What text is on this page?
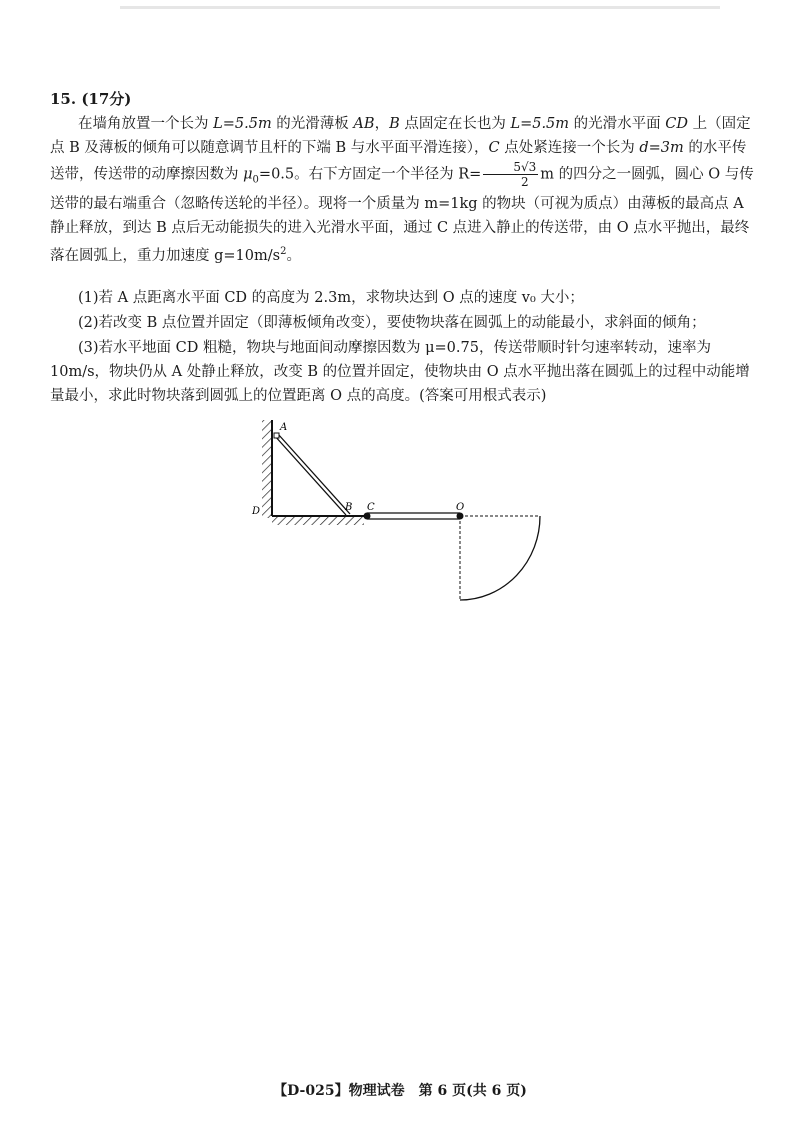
15. (17分)
在墙角放置一个长为 L=5.5m 的光滑薄板 AB，B 点固定在长也为 L=5.5m 的光滑水平面 CD 上（固定点 B 及薄板的倾角可以随意调节且杆的下端 B 与水平面平滑连接），C 点处紧连接一个长为 d=3m 的水平传送带，传送带的动摩擦因数为 $\mu_0=0.5$。右下方固定一个半径为 $R= \frac{5√3}{2}$ m 的四分之一圆弧，圆心 O 与传送带的最右端重合（忽略传送轮的半径）。现将一个质量为 m=1kg 的物块（可视为质点）由薄板的最高点 A 静止释放，到达 B 点后无动能损失的进入光滑水平面，通过 C 点进入静止的传送带，由 O 点水平抛出，最终落在圆弧上，重力加速度 $g=10m/s^2$。
(1)若 A 点距离水平面 CD 的高度为 2.3m，求物块达到 O 点的速度 v₀ 大小；
(2)若改变 B 点位置并固定（即薄板倾角改变），要使物块落在圆弧上的动能最小，求斜面的倾角；
(3)若水平地面 CD 粗糙，物块与地面间动摩擦因数为 μ=0.75，传送带顺时针匀速率转动，速率为10m/s，物块仍从 A 处静止释放，改变 B 的位置并固定，使物块由 O 点水平抛出落在圆弧上的过程中动能增量最小，求此时物块落到圆弧上的位置距离 O 点的高度。(答案可用根式表示)
A
D	B C	O
【D-025】物理试卷　第 6 页(共 6 页)
